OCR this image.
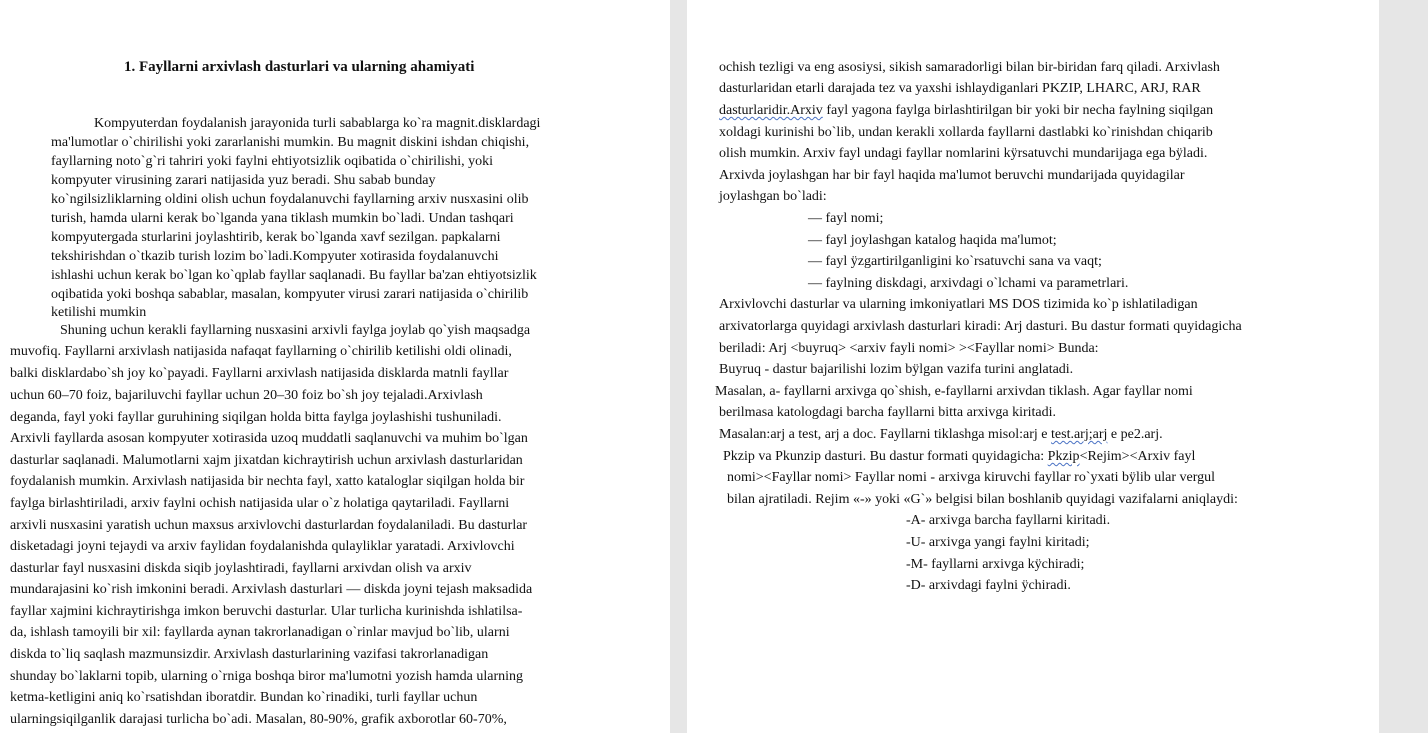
1. Fayllarni arxivlash dasturlari va ularning ahamiyati
Kompyuterdan foydalanish jarayonida turli sabablarga ko`ra magnit.disklardagi
ma'lumotlar o`chirilishi yoki zararlanishi mumkin. Bu magnit diskini ishdan chiqishi,
fayllarning noto`g`ri tahriri yoki faylni ehtiyotsizlik oqibatida o`chirilishi, yoki
kompyuter virusining zarari natijasida yuz beradi. Shu sabab bunday
ko`ngilsizliklarning oldini olish uchun foydalanuvchi fayllarning arxiv nusxasini olib
turish, hamda ularni kerak bo`lganda yana tiklash mumkin bo`ladi. Undan tashqari
kompyutergada sturlarini joylashtirib, kerak bo`lganda xavf sezilgan. papkalarni
tekshirishdan o`tkazib turish lozim bo`ladi.Kompyuter xotirasida foydalanuvchi
ishlashi uchun kerak bo`lgan ko`qplab fayllar saqlanadi. Bu fayllar ba'zan ehtiyotsizlik
oqibatida yoki boshqa sabablar, masalan, kompyuter virusi zarari natijasida o`chirilib
ketilishi mumkin
Shuning uchun kerakli fayllarning nusxasini arxivli faylga joylab qo`yish maqsadga
muvofiq. Fayllarni arxivlash natijasida nafaqat fayllarning o`chirilib ketilishi oldi olinadi,
balki disklardabo`sh joy ko`payadi. Fayllarni arxivlash natijasida disklarda matnli fayllar
uchun 60–70 foiz, bajariluvchi fayllar uchun 20–30 foiz bo`sh joy tejaladi.Arxivlash
deganda, fayl yoki fayllar guruhining siqilgan holda bitta faylga joylashishi tushuniladi.
Arxivli fayllarda asosan kompyuter xotirasida uzoq muddatli saqlanuvchi va muhim bo`lgan
dasturlar saqlanadi. Malumotlarni xajm jixatdan kichraytirish uchun arxivlash dasturlaridan
foydalanish mumkin. Arxivlash natijasida bir nechta fayl, xatto kataloglar siqilgan holda bir
faylga birlashtiriladi, arxiv faylni ochish natijasida ular o`z holatiga qaytariladi. Fayllarni
arxivli nusxasini yaratish uchun maxsus arxivlovchi dasturlardan foydalaniladi. Bu dasturlar
disketadagi joyni tejaydi va arxiv faylidan foydalanishda qulayliklar yaratadi. Arxivlovchi
dasturlar fayl nusxasini diskda siqib joylashtiradi, fayllarni arxivdan olish va arxiv
mundarajasini ko`rish imkonini beradi. Arxivlash dasturlari — diskda joyni tejash maksadida
fayllar xajmini kichraytirishga imkon beruvchi dasturlar. Ular turlicha kurinishda ishlatilsa-
da, ishlash tamoyili bir xil: fayllarda aynan takrorlanadigan o`rinlar mavjud bo`lib, ularni
diskda to`liq saqlash mazmunsizdir. Arxivlash dasturlarining vazifasi takrorlanadigan
shunday bo`laklarni topib, ularning o`rniga boshqa biror ma'lumotni yozish hamda ularning
ketma-ketligini aniq ko`rsatishdan iboratdir. Bundan ko`rinadiki, turli fayllar uchun
ularningsiqilganlik darajasi turlicha bo`adi. Masalan, 80-90%, grafik axborotlar 60-70%,
ochish tezligi va eng asosiysi, sikish samaradorligi bilan bir-biridan farq qiladi. Arxivlash
dasturlaridan etarli darajada tez va yaxshi ishlaydiganlari PKZIP, LHARC, ARJ, RAR
dasturlaridir.Arxiv fayl yagona faylga birlashtirilgan bir yoki bir necha faylning siqilgan
xoldagi kurinishi bo`lib, undan kerakli xollarda fayllarni dastlabki ko`rinishdan chiqarib
olish mumkin. Arxiv fayl undagi fayllar nomlarini kÿrsatuvchi mundarijaga ega bÿladi.
Arxivda joylashgan har bir fayl haqida ma'lumot beruvchi mundarijada quyidagilar
joylashgan bo`ladi:
— fayl nomi;
— fayl joylashgan katalog haqida ma'lumot;
— fayl ÿzgartirilganligini ko`rsatuvchi sana va vaqt;
— faylning diskdagi, arxivdagi o`lchami va parametrlari.
Arxivlovchi dasturlar va ularning imkoniyatlari MS DOS tizimida ko`p ishlatiladigan
arxivatorlarga quyidagi arxivlash dasturlari kiradi: Arj dasturi. Bu dastur formati quyidagicha
beriladi: Arj <buyruq> <arxiv fayli nomi> ><Fayllar nomi> Bunda:
Buyruq - dastur bajarilishi lozim bÿlgan vazifa turini anglatadi.
Masalan, a- fayllarni arxivga qo`shish, e-fayllarni arxivdan tiklash. Agar fayllar nomi
berilmasa katologdagi barcha fayllarni bitta arxivga kiritadi.
Masalan:arj a test, arj a doc. Fayllarni tiklashga misol:arj e test.arj;arj e pe2.arj.
Pkzip va Pkunzip dasturi. Bu dastur formati quyidagicha: Pkzip<Rejim><Arxiv fayl
nomi><Fayllar nomi> Fayllar nomi - arxivga kiruvchi fayllar ro`yxati bÿlib ular vergul
bilan ajratiladi. Rejim «-» yoki «G`» belgisi bilan boshlanib quyidagi vazifalarni aniqlaydi:
-A- arxivga barcha fayllarni kiritadi.
-U- arxivga yangi faylni kiritadi;
-M- fayllarni arxivga kÿchiradi;
-D- arxivdagi faylni ÿchiradi.
